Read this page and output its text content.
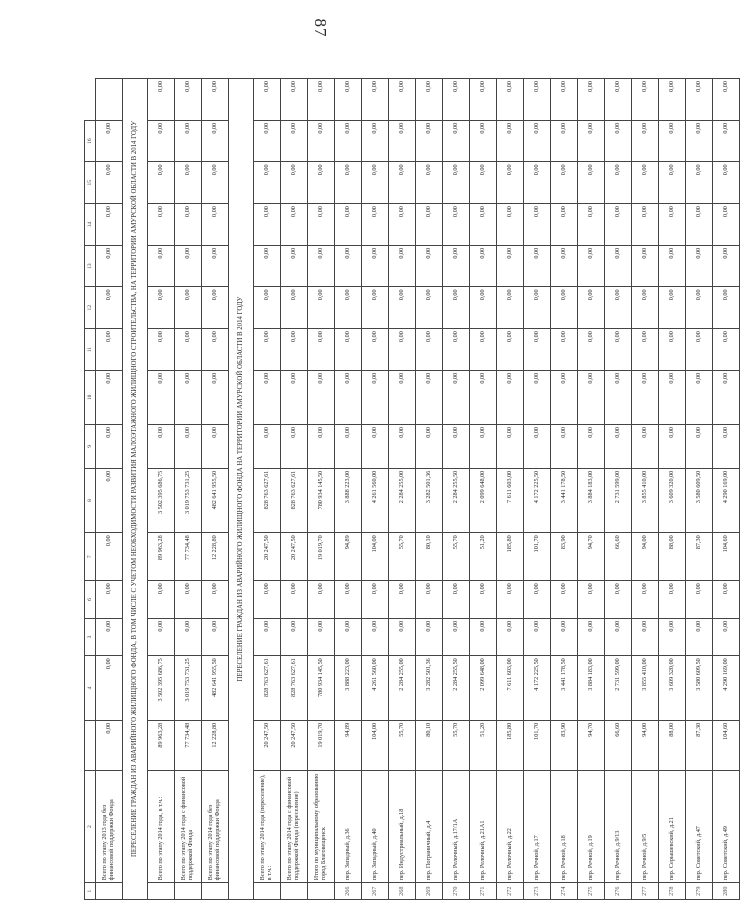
87
1	2		4	3	6	7	8	9	10	11	12	13	14	15	16	
	Всего по этапу 2013 года без финансовой поддержки Фонда	0,00	0,00	0,00	0,00	0,00	0,00	0,00	0,00	0,00	0,00	0,00	0,00	0,00	0,00	
ПЕРЕСЕЛЕНИЕ ГРАЖДАН ИЗ АВАРИЙНОГО ЖИЛИЩНОГО ФОНДА, В ТОМ ЧИСЛЕ С УЧЕТОМ НЕОБХОДИМОСТИ РАЗВИТИЯ МАЛОЭТАЖНОГО ЖИЛИЩНОГО СТРОИТЕЛЬСТВА, НА ТЕРРИТОРИИ АМУРСКОЙ ОБЛАСТИ В 2014 ГОДУ																
	Всего по этапу 2014 года, в т.ч.:	89 963,28	3 502 395 686,75	0,00	0,00	89 963,28	3 502 395 686,75	0,00	0,00	0,00	0,00	0,00	0,00	0,00	0,00	0,00
	Всего по этапу 2014 года с финансовой поддержкой Фонда	77 734,48	3 019 753 731,25	0,00	0,00	77 734,48	3 019 753 731,25	0,00	0,00	0,00	0,00	0,00	0,00	0,00	0,00	0,00
	Всего по этапу 2014 года без финансовой поддержки Фонда	12 228,80	482 641 955,50	0,00	0,00	12 228,80	482 641 955,50	0,00	0,00	0,00	0,00	0,00	0,00	0,00	0,00	0,00
ПЕРЕСЕЛЕНИЕ ГРАЖДАН ИЗ АВАРИЙНОГО ЖИЛИЩНОГО ФОНДА НА ТЕРРИТОРИИ АМУРСКОЙ ОБЛАСТИ В 2014 ГОДУ																
	Всего по этапу 2014 года (переселение), в т.ч.:	20 247,50	828 763 627,61	0,00	0,00	20 247,50	828 763 627,61	0,00	0,00	0,00	0,00	0,00	0,00	0,00	0,00	0,00
	Всего по этапу 2014 года с финансовой поддержкой Фонда (переселение)	20 247,50	828 763 627,61	0,00	0,00	20 247,50	828 763 627,61	0,00	0,00	0,00	0,00	0,00	0,00	0,00	0,00	0,00
	Итого по муниципальному образованию город Благовещенск	19 019,70	780 934 145,50	0,00	0,00	19 019,70	780 934 145,50	0,00	0,00	0,00	0,00	0,00	0,00	0,00	0,00	0,00
266	пер. Западный, д.36	94,89	3 888 223,00	0,00	0,00	94,89	3 888 223,00	0,00	0,00	0,00	0,00	0,00	0,00	0,00	0,00	0,00
267	пер. Западный, д.40	104,00	4 261 560,00	0,00	0,00	104,00	4 261 560,00	0,00	0,00	0,00	0,00	0,00	0,00	0,00	0,00	0,00
268	пер. Индустриальный, д.18	55,70	2 284 255,00	0,00	0,00	55,70	2 284 255,00	0,00	0,00	0,00	0,00	0,00	0,00	0,00	0,00	0,00
269	пер. Пограничный, д.4	80,10	3 282 501,36	0,00	0,00	80,10	3 282 501,36	0,00	0,00	0,00	0,00	0,00	0,00	0,00	0,00	0,00
270	пер. Релочный, д.17/1А	55,70	2 284 255,50	0,00	0,00	55,70	2 284 255,50	0,00	0,00	0,00	0,00	0,00	0,00	0,00	0,00	0,00
271	пер. Релочный, д.21А1	51,20	2 099 648,00	0,00	0,00	51,20	2 099 648,00	0,00	0,00	0,00	0,00	0,00	0,00	0,00	0,00	0,00
272	пер. Релочный, д.22	185,80	7 611 603,00	0,00	0,00	185,80	7 611 603,00	0,00	0,00	0,00	0,00	0,00	0,00	0,00	0,00	0,00
273	пер. Речной, д.17	101,70	4 172 225,50	0,00	0,00	101,70	4 172 225,50	0,00	0,00	0,00	0,00	0,00	0,00	0,00	0,00	0,00
274	пер. Речной, д.18	83,90	3 441 178,50	0,00	0,00	83,90	3 441 178,50	0,00	0,00	0,00	0,00	0,00	0,00	0,00	0,00	0,00
275	пер. Речной, д.19	94,70	3 884 183,00	0,00	0,00	94,70	3 884 183,00	0,00	0,00	0,00	0,00	0,00	0,00	0,00	0,00	0,00
276	пер. Речной, д.9/13	66,60	2 731 599,00	0,00	0,00	66,60	2 731 599,00	0,00	0,00	0,00	0,00	0,00	0,00	0,00	0,00	0,00
277	пер. Речной, д.9/5	94,00	3 855 410,00	0,00	0,00	94,00	3 855 410,00	0,00	0,00	0,00	0,00	0,00	0,00	0,00	0,00	0,00
278	пер. Серышевский, д.21	88,00	3 609 320,00	0,00	0,00	88,00	3 609 320,00	0,00	0,00	0,00	0,00	0,00	0,00	0,00	0,00	0,00
279	пер. Советский, д.47	87,30	3 580 609,50	0,00	0,00	87,30	3 580 609,50	0,00	0,00	0,00	0,00	0,00	0,00	0,00	0,00	0,00
280	пер. Советский, д.49	104,60	4 290 169,00	0,00	0,00	104,60	4 290 169,00	0,00	0,00	0,00	0,00	0,00	0,00	0,00	0,00	0,00
